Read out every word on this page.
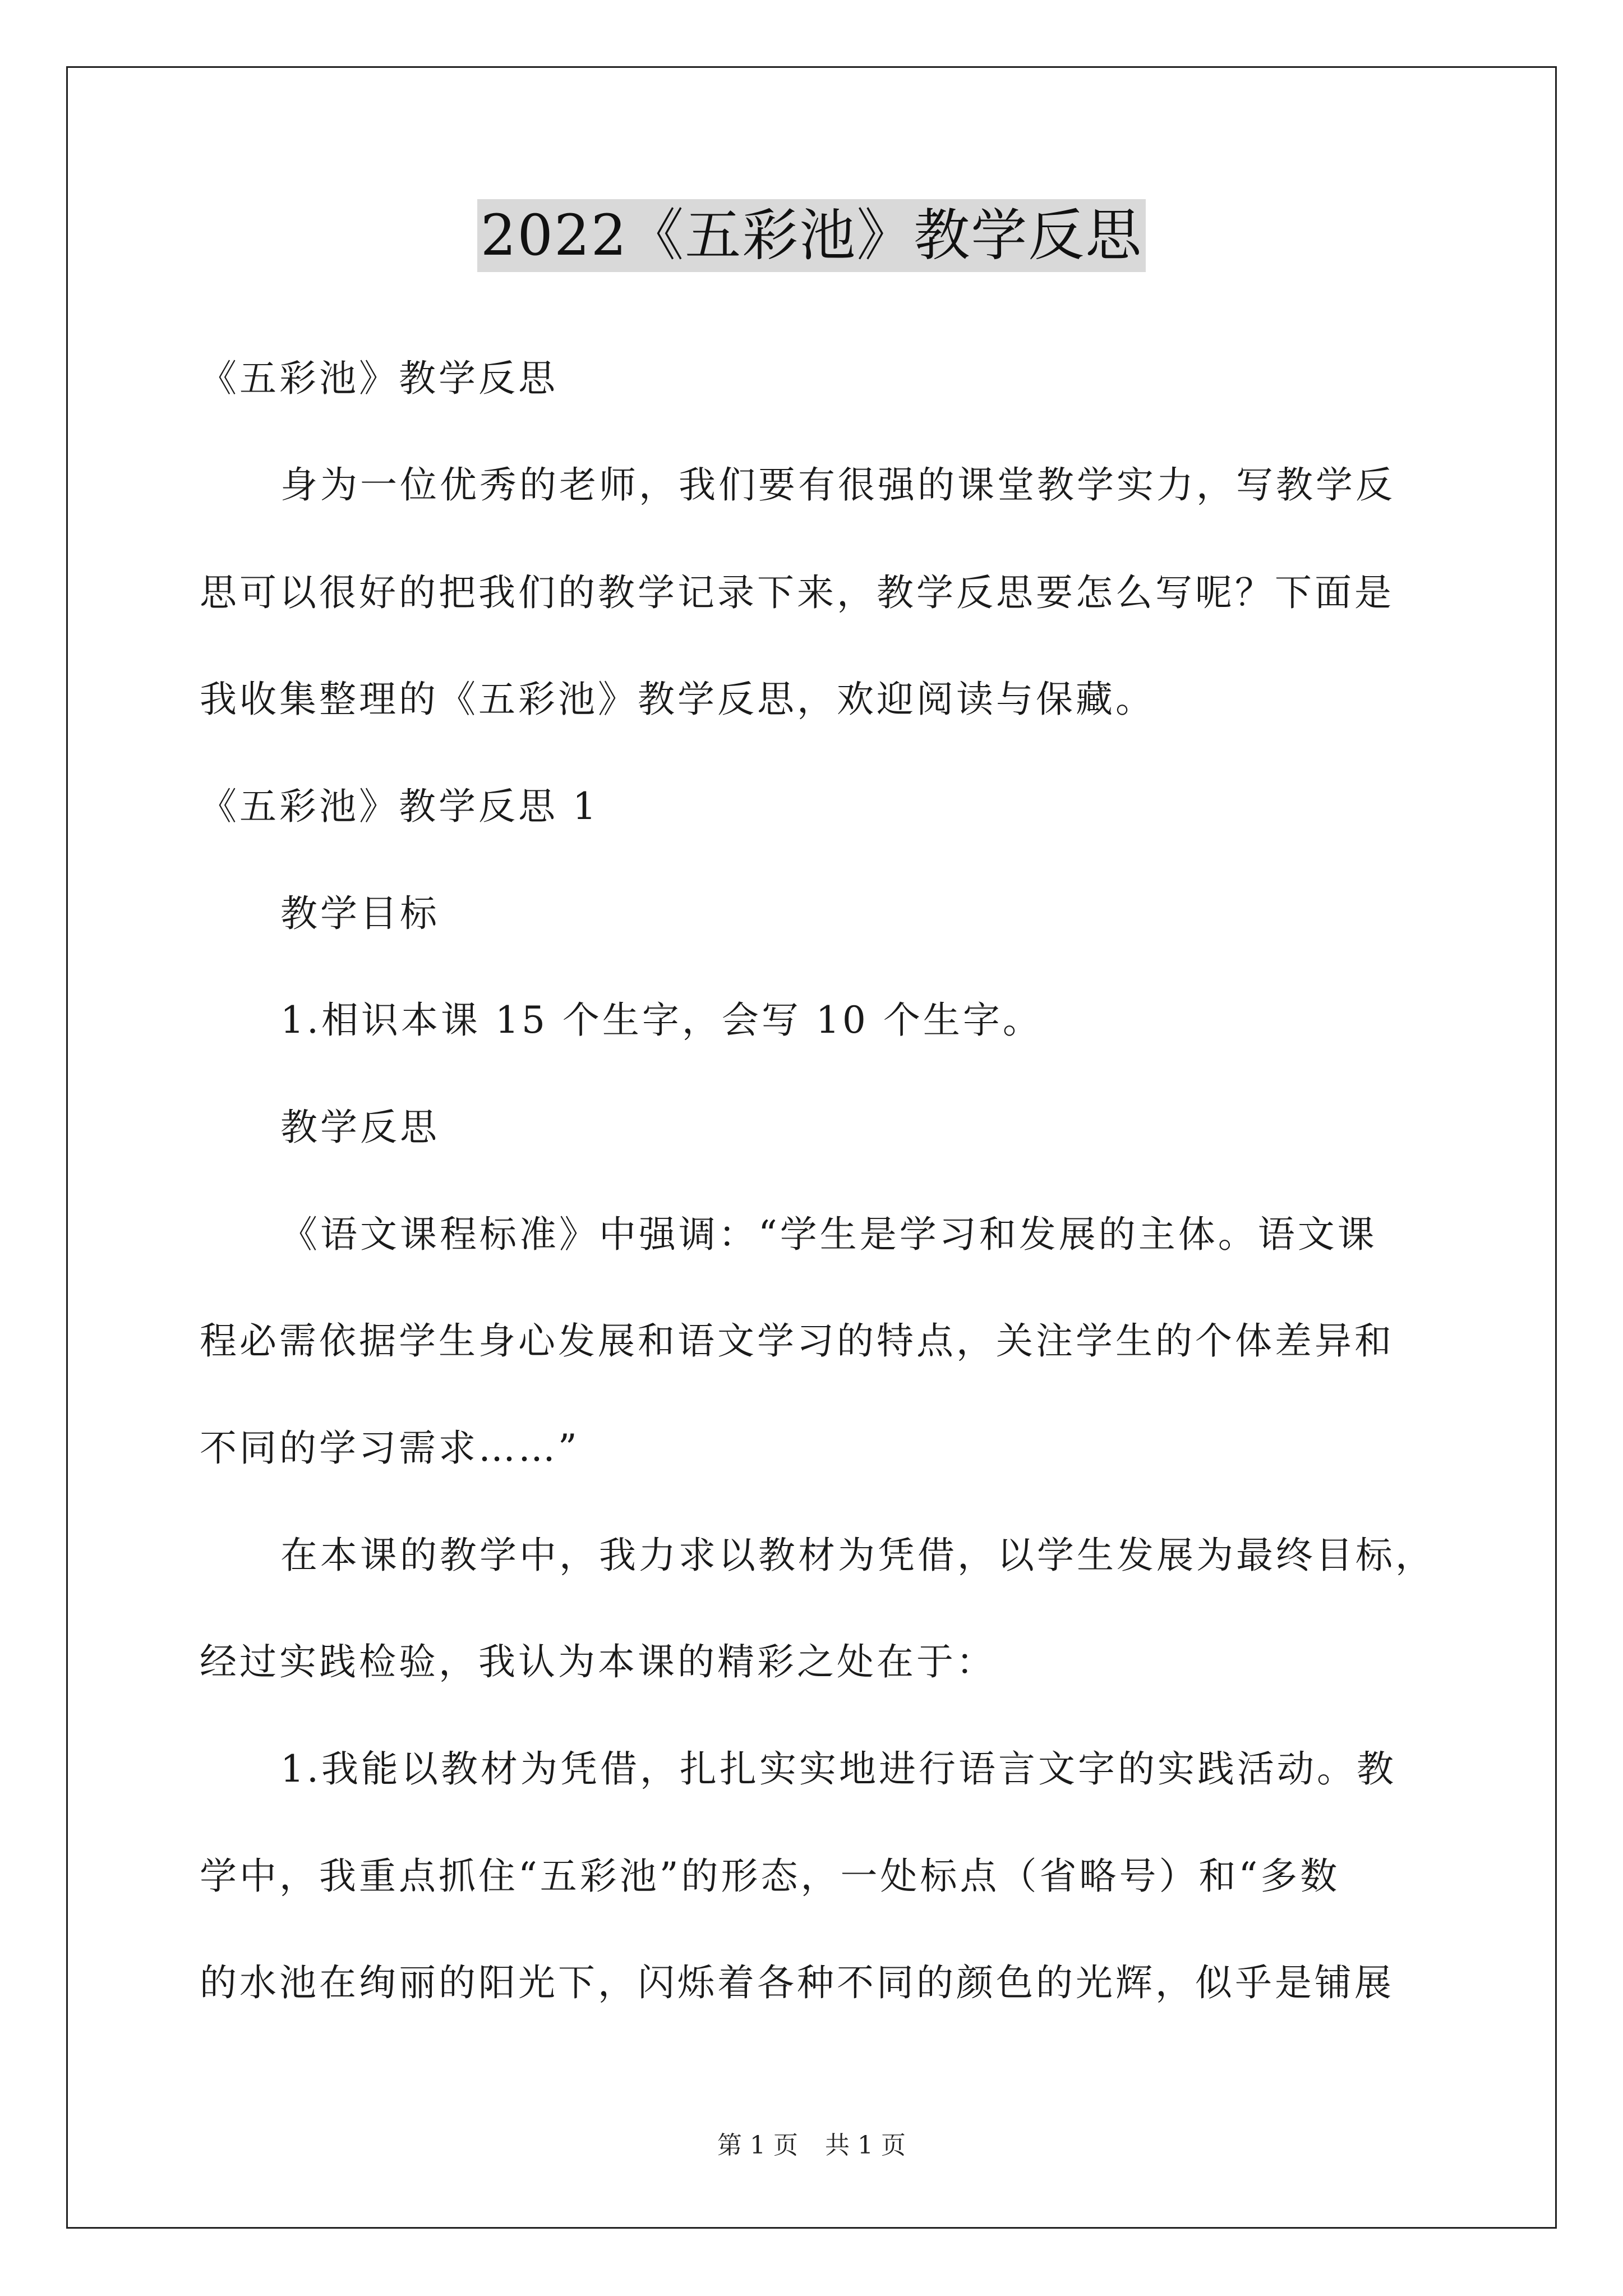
2022《五彩池》教学反思
《五彩池》教学反思
身为一位优秀的老师，我们要有很强的课堂教学实力，写教学反
思可以很好的把我们的教学记录下来，教学反思要怎么写呢？下面是
我收集整理的《五彩池》教学反思，欢迎阅读与保藏。
《五彩池》教学反思 1
教学目标
1.相识本课 15 个生字，会写 10 个生字。
教学反思
《语文课程标准》中强调：“学生是学习和发展的主体。语文课
程必需依据学生身心发展和语文学习的特点，关注学生的个体差异和
不同的学习需求……”
在本课的教学中，我力求以教材为凭借，以学生发展为最终目标，
经过实践检验，我认为本课的精彩之处在于：
1.我能以教材为凭借，扎扎实实地进行语言文字的实践活动。教
学中，我重点抓住“五彩池”的形态，一处标点（省略号）和“多数
的水池在绚丽的阳光下，闪烁着各种不同的颜色的光辉，似乎是铺展
第 1 页 共 1 页
